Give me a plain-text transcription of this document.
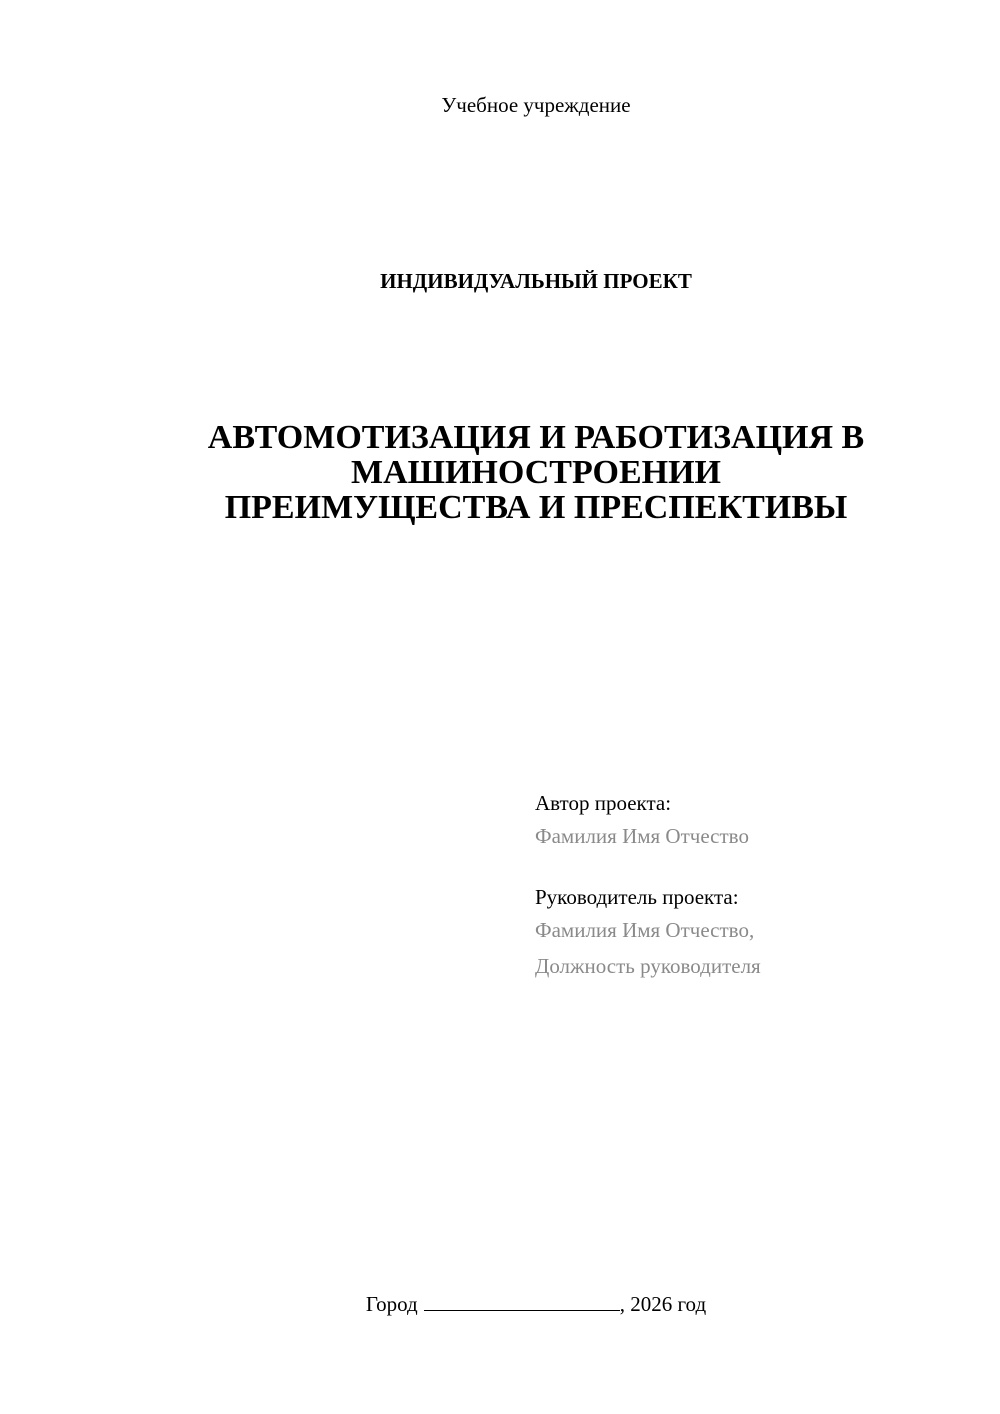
Учебное учреждение
ИНДИВИДУАЛЬНЫЙ ПРОЕКТ
АВТОМОТИЗАЦИЯ И РАБОТИЗАЦИЯ В
МАШИНОСТРОЕНИИ
ПРЕИМУЩЕСТВА И ПРЕСПЕКТИВЫ
Автор проекта:
Фамилия Имя Отчество
Руководитель проекта:
Фамилия Имя Отчество,
Должность руководителя
Город	, 2026 год
